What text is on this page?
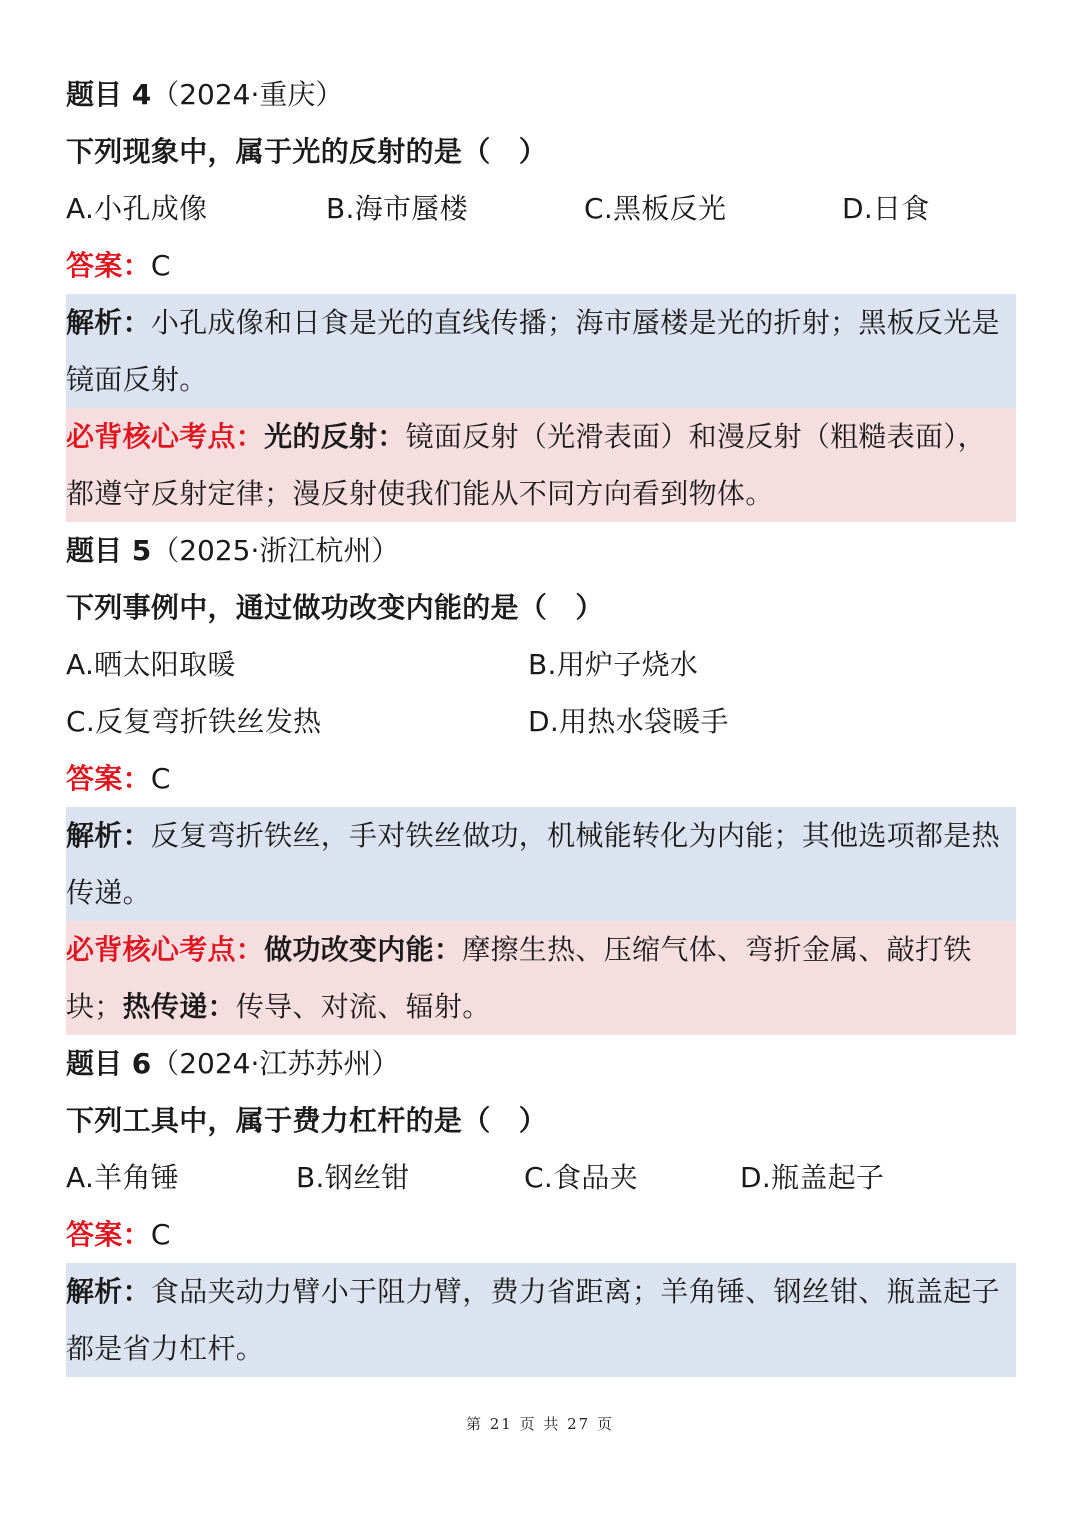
题目 4（2024·重庆）
下列现象中，属于光的反射的是（　）
A.小孔成像	B.海市蜃楼	C.黑板反光	D.日食
答案：C
解析：小孔成像和日食是光的直线传播；海市蜃楼是光的折射；黑板反光是
镜面反射。
必背核心考点：光的反射：镜面反射（光滑表面）和漫反射（粗糙表面），
都遵守反射定律；漫反射使我们能从不同方向看到物体。
题目 5（2025·浙江杭州）
下列事例中，通过做功改变内能的是（　）
A.晒太阳取暖	B.用炉子烧水
C.反复弯折铁丝发热	D.用热水袋暖手
答案：C
解析：反复弯折铁丝，手对铁丝做功，机械能转化为内能；其他选项都是热
传递。
必背核心考点：做功改变内能：摩擦生热、压缩气体、弯折金属、敲打铁
块；热传递：传导、对流、辐射。
题目 6（2024·江苏苏州）
下列工具中，属于费力杠杆的是（　）
A.羊角锤	B.钢丝钳	C.食品夹	D.瓶盖起子
答案：C
解析：食品夹动力臂小于阻力臂，费力省距离；羊角锤、钢丝钳、瓶盖起子
都是省力杠杆。
第 21 页 共 27 页
